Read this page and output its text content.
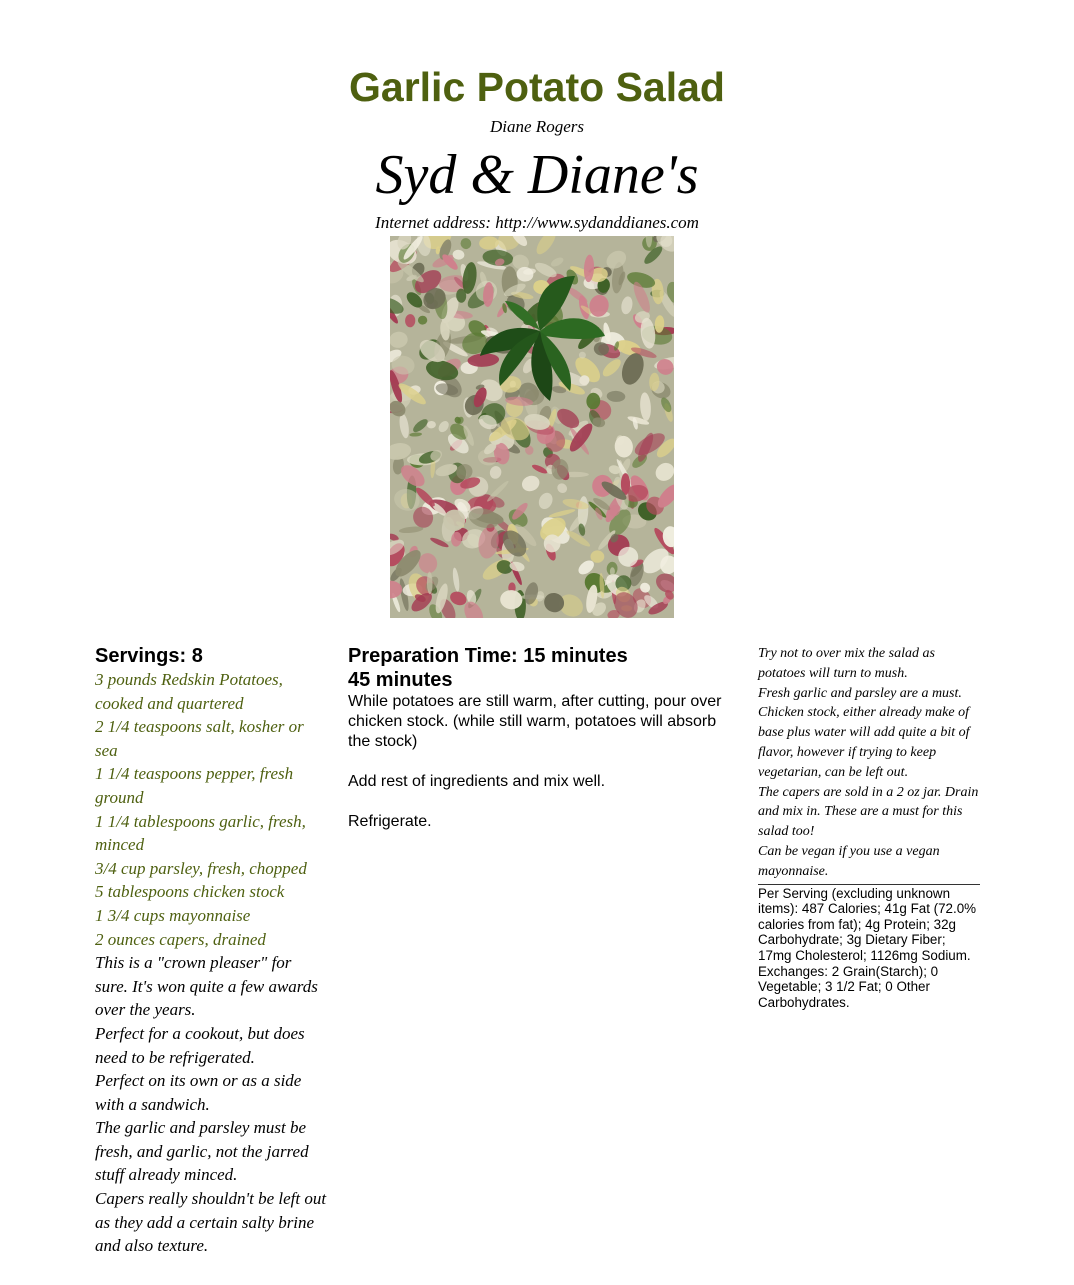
Garlic Potato Salad
Diane Rogers
Syd & Diane's
Internet address: http://www.sydanddianes.com
Servings: 8
3 pounds Redskin Potatoes, cooked and quartered
2 1/4 teaspoons salt, kosher or sea
1 1/4 teaspoons pepper, fresh ground
1 1/4 tablespoons garlic, fresh, minced
3/4 cup parsley, fresh, chopped
5 tablespoons chicken stock
1 3/4 cups mayonnaise
2 ounces capers, drained

This is a "crown pleaser" for sure. It's won quite a few awards over the years.

Perfect for a cookout, but does need to be refrigerated.

Perfect on its own or as a side with a sandwich.

The garlic and parsley must be fresh, and garlic, not the jarred stuff already minced.

Capers really shouldn't be left out as they add a certain salty brine and also texture.

Preparation Time: 15 minutes
45 minutes

While potatoes are still warm, after cutting, pour over chicken stock. (while still warm, potatoes will absorb the stock)

Add rest of ingredients and mix well.

Refrigerate.

Try not to over mix the salad as potatoes will turn to mush.

Fresh garlic and parsley are a must.

Chicken stock, either already make of base plus water will add quite a bit of flavor, however if trying to keep vegetarian, can be left out.

The capers are sold in a 2 oz jar. Drain and mix in. These are a must for this salad too!

Can be vegan if you use a vegan mayonnaise.

Per Serving (excluding unknown items): 487 Calories; 41g Fat (72.0% calories from fat); 4g Protein; 32g Carbohydrate; 3g Dietary Fiber; 17mg Cholesterol; 1126mg Sodium. Exchanges: 2 Grain(Starch); 0 Vegetable; 3 1/2 Fat; 0 Other Carbohydrates.
